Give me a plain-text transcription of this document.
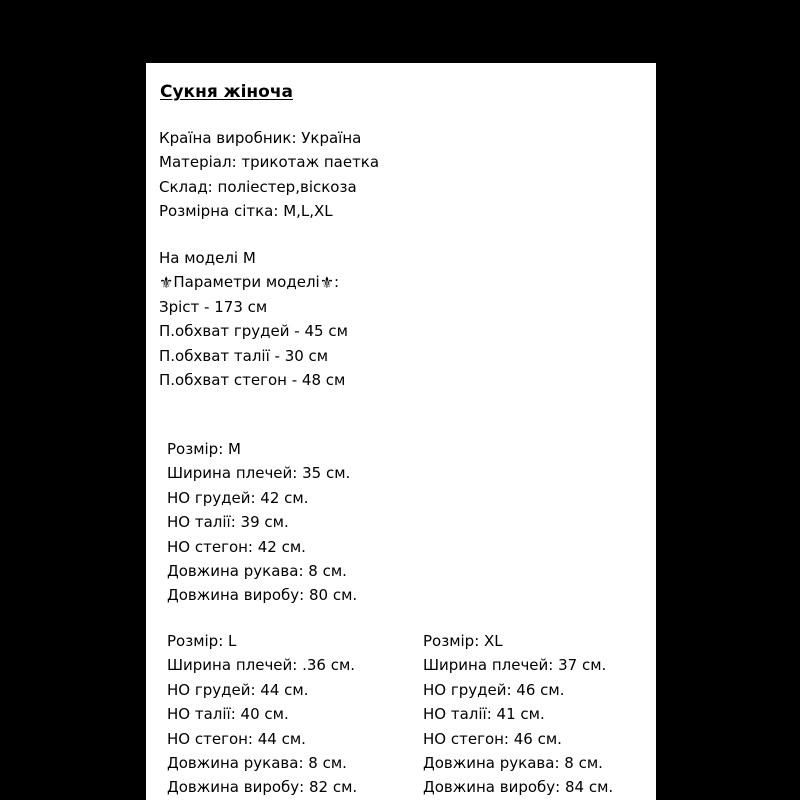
Сукня жіноча
Країна виробник: Україна
Матеріал: трикотаж паетка
Склад: поліестер,віскоза
Розмірна сітка: M,L,XL
На моделі М
⚜Параметри моделі⚜:
Зріст - 173 см
П.обхват грудей - 45 см
П.обхват талії - 30 см
П.обхват стегон - 48 см
Розмір: M
Ширина плечей: 35 см.
НО грудей: 42 см.
НО талії: 39 см.
НО стегон: 42 см.
Довжина рукава: 8 см.
Довжина виробу: 80 см.
Розмір: L
Ширина плечей: .36 см.
НО грудей: 44 см.
НО талії: 40 см.
НО стегон: 44 см.
Довжина рукава: 8 см.
Довжина виробу: 82 см.
Розмір: XL
Ширина плечей: 37 см.
НО грудей: 46 см.
НО талії: 41 см.
НО стегон: 46 см.
Довжина рукава: 8 см.
Довжина виробу: 84 см.
